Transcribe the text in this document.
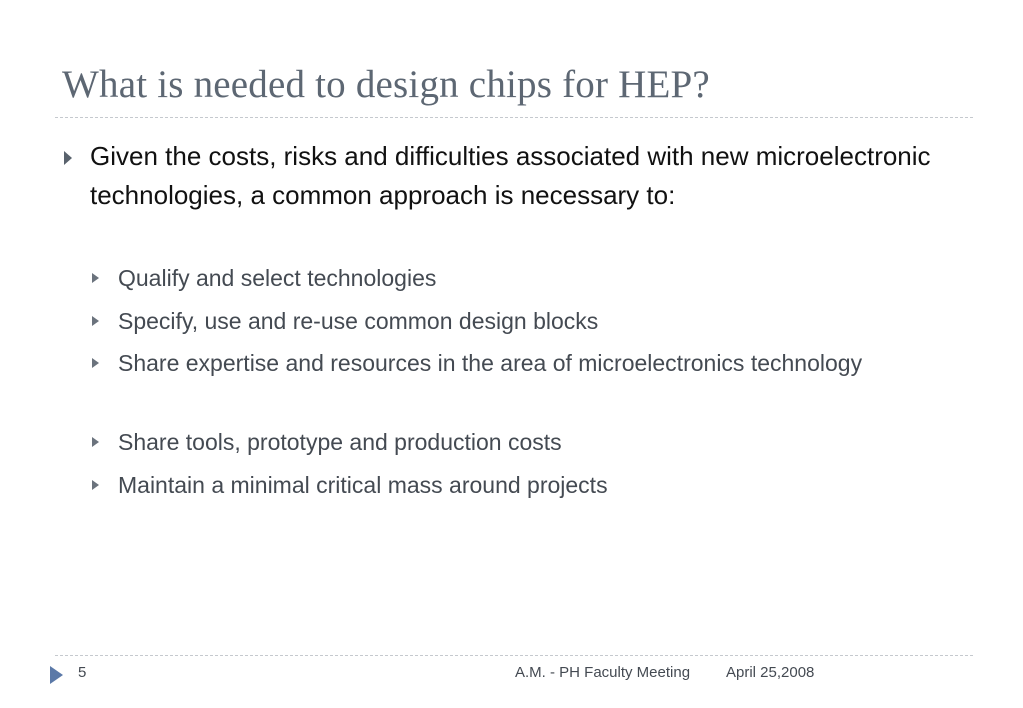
What is needed to design chips for HEP?
Given the costs, risks and difficulties associated with new microelectronic technologies, a common approach is necessary to:
Qualify and select technologies
Specify, use and re-use common design blocks
Share expertise and resources in the area of microelectronics technology
Share tools, prototype and production costs
Maintain a minimal critical mass around projects
5	A.M. - PH Faculty Meeting April 25,2008
